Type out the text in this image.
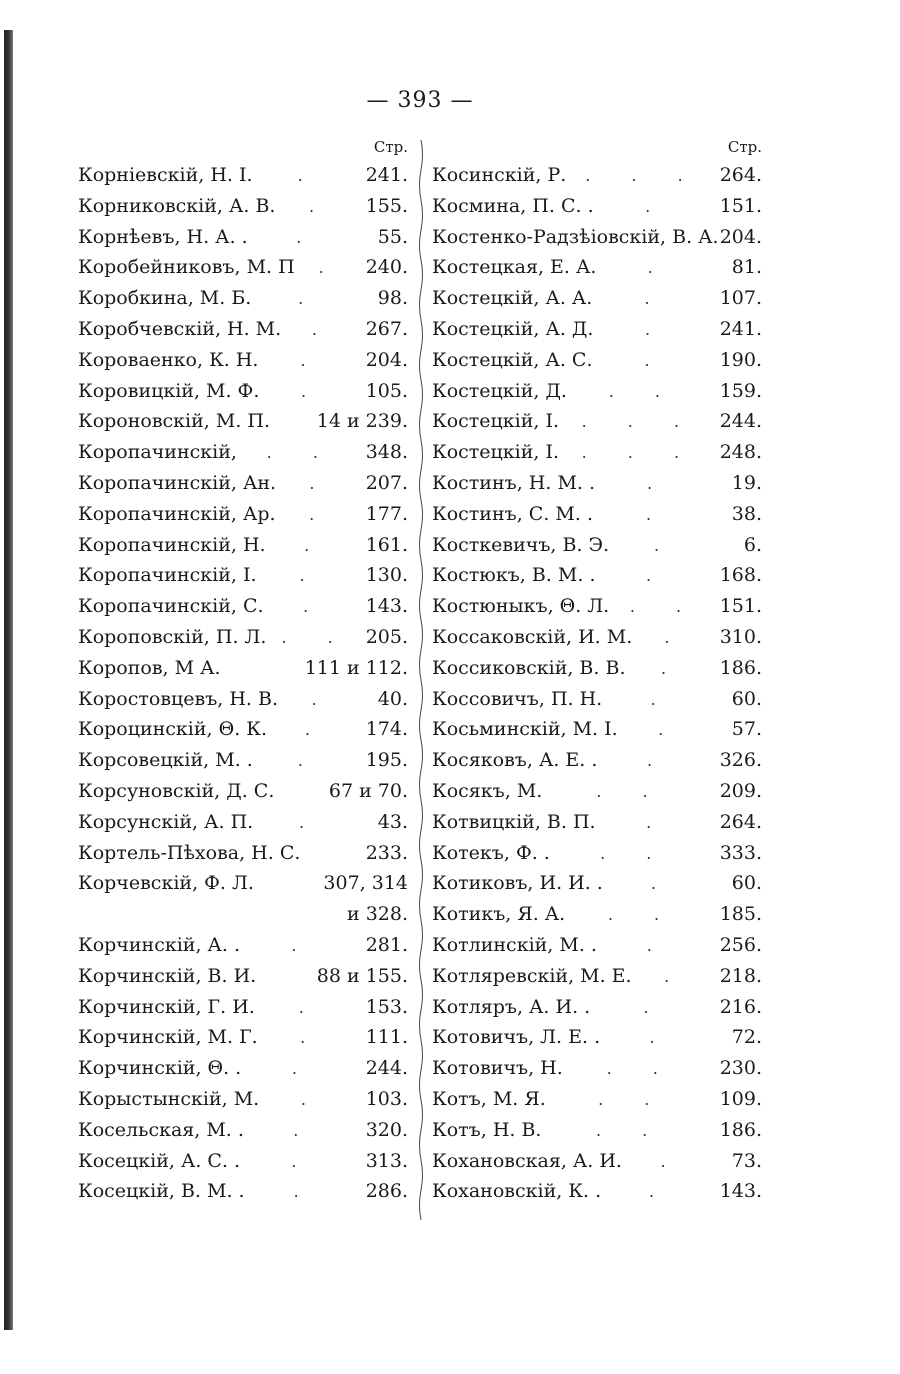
— 393 —
Стр.
Корніевскій, Н. I.	.	241.
Корниковскій, А. В.	.	155.
Корнѣевъ, Н. А. .	.	55.
Коробейниковъ, М. П	.	240.
Коробкина, М. Б.	.	98.
Коробчевскій, Н. М.	.	267.
Короваенко, К. Н.	.	204.
Коровицкій, М. Ф.	.	105.
Короновскій, М. П. 14 и 239.
Коропачинскій,	. .	348.
Коропачинскій, Ан.	.	207.
Коропачинскій, Ар.	.	177.
Коропачинскій, Н.	.	161.
Коропачинскій, I.	.	130.
Коропачинскій, С.	.	143.
Короповскій, П. Л. . . 205.
Коропов, М А.	111 и 112.
Коростовцевъ, Н. В.	.	40.
Короцинскій, Θ. К.	.	174.
Корсовецкій, М. .	.	195.
Корсуновскій, Д. С.	67 и 70.
Корсунскій, А. П.	.	43.
Кортель-Пѣхова, Н. С.	233.
Корчевскій, Ф. Л.	307, 314
и 328.
Корчинскій, А. .	.	281.
Корчинскій, В. И.	88 и 155.
Корчинскій, Г. И.	.	153.
Корчинскій, М. Г.	.	111.
Корчинскій, Θ. .	.	244.
Корыстынскій, М.	.	103.
Косельская, М. .	.	320.
Косецкій, А. С. .	.	313.
Косецкій, В. М. .	.	286.
Стр.
Косинскій, Р.	. . . 264.
Космина, П. С. .	.	151.
Костенко-Радзѣіовскій, В. А. 204.
Костецкая, Е. А.	.	81.
Костецкій, А. А.	.	107.
Костецкій, А. Д.	.	241.
Костецкій, А. С.	.	190.
Костецкій, Д.	. .	159.
Костецкій, I.	. . .	244.
Костецкій, I.	. . .	248.
Костинъ, Н. М. .	.	19.
Костинъ, С. М. .	.	38.
Косткевичъ, В. Э.	.	6.
Костюкъ, В. М. .	.	168.
Костюныкъ, Θ. Л.	. .	151.
Коссаковскій, И. М.	.	310.
Коссиковскій, В. В.	.	186.
Коссовичъ, П. Н.	.	60.
Косьминскій, М. I.	.	57.
Косяковъ, А. Е. .	.	326.
Косякъ, М.	. .	209.
Котвицкій, В. П.	.	264.
Котекъ, Ф. .	. .	333.
Котиковъ, И. И. .	.	60.
Котикъ, Я. А.	. .	185.
Котлинскій, М. .	.	256.
Котляревскій, М. Е.	.	218.
Котляръ, А. И. .	.	216.
Котовичъ, Л. Е. .	.	72.
Котовичъ, Н.	. .	230.
Котъ, М. Я.	. .	109.
Котъ, Н. В.	. .	186.
Кохановская, А. И.	.	73.
Кохановскій, К. .	.	143.
